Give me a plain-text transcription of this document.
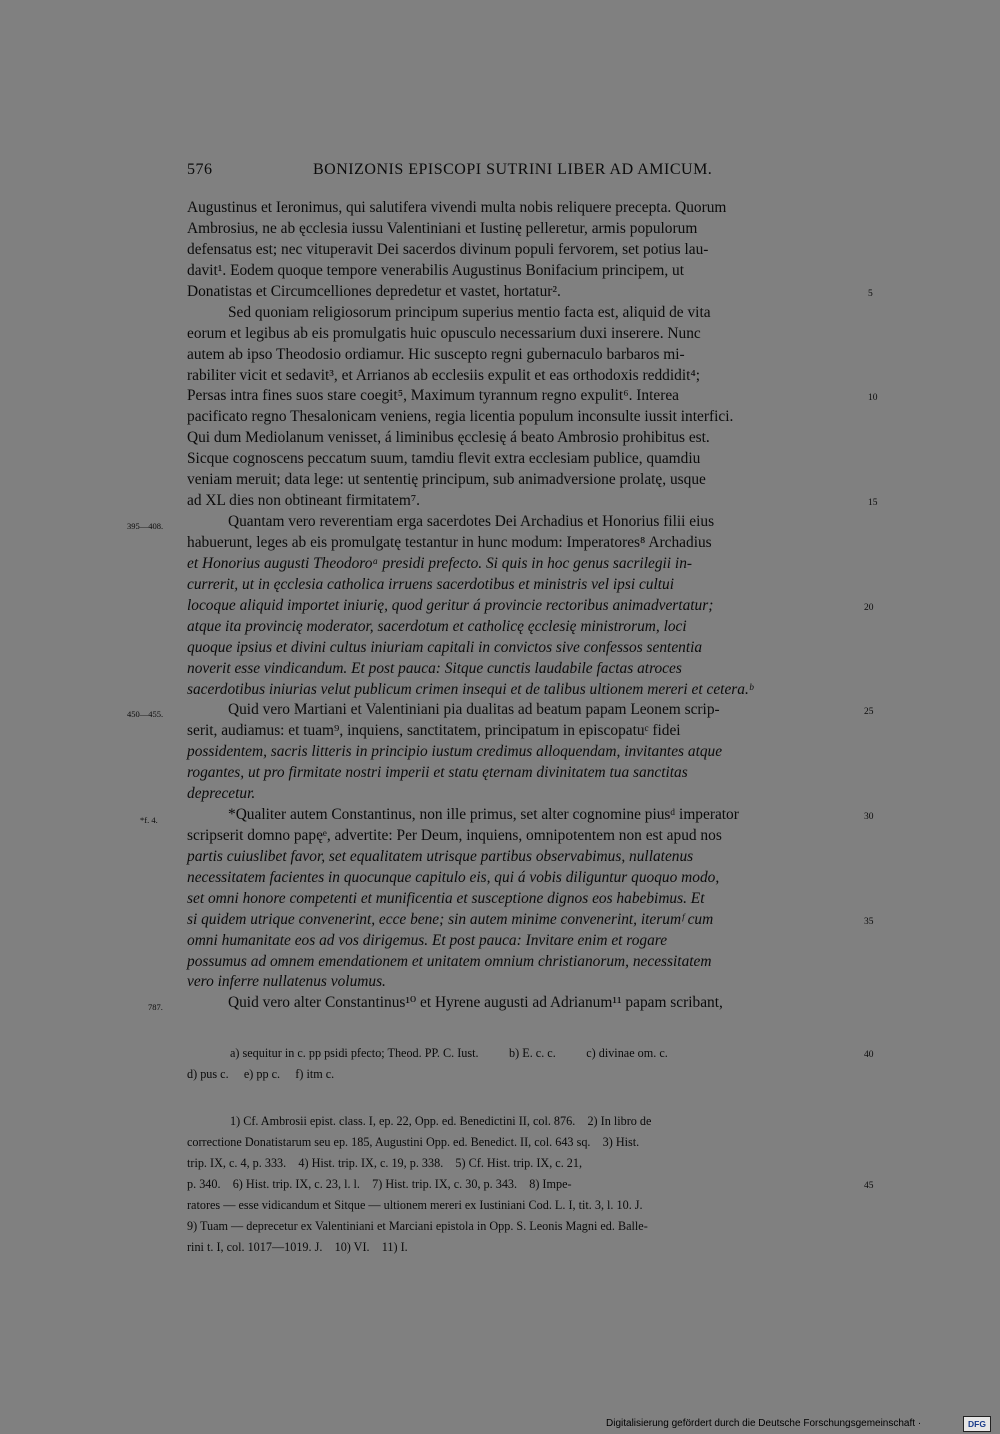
576	BONIZONIS EPISCOPI SUTRINI LIBER AD AMICUM.
Augustinus et Ieronimus, qui salutifera vivendi multa nobis reliquere precepta. Quorum
Ambrosius, ne ab ęcclesia iussu Valentiniani et Iustinę pelleretur, armis populorum
defensatus est; nec vituperavit Dei sacerdos divinum populi fervorem, set potius lau-
davit¹. Eodem quoque tempore venerabilis Augustinus Bonifacium principem, ut
Donatistas et Circumcelliones depredetur et vastet, hortatur².
Sed quoniam religiosorum principum superius mentio facta est, aliquid de vita
eorum et legibus ab eis promulgatis huic opusculo necessarium duxi inserere. Nunc
autem ab ipso Theodosio ordiamur. Hic suscepto regni gubernaculo barbaros mi-
rabiliter vicit et sedavit³, et Arrianos ab ecclesiis expulit et eas orthodoxis reddidit⁴;
Persas intra fines suos stare coegit⁵, Maximum tyrannum regno expulit⁶. Interea
pacificato regno Thesalonicam veniens, regia licentia populum inconsulte iussit interfici.
Qui dum Mediolanum venisset, á liminibus ęcclesię á beato Ambrosio prohibitus est.
Sicque cognoscens peccatum suum, tamdiu flevit extra ecclesiam publice, quamdiu
veniam meruit; data lege: ut sententię principum, sub animadversione prolatę, usque
ad XL dies non obtineant firmitatem⁷.
Quantam vero reverentiam erga sacerdotes Dei Archadius et Honorius filii eius
habuerunt, leges ab eis promulgatę testantur in hunc modum: Imperatores⁸ Archadius
et Honorius augusti Theodoroᵃ presidi prefecto. Si quis in hoc genus sacrilegii in-
currerit, ut in ęcclesia catholica irruens sacerdotibus et ministris vel ipsi cultui
locoque aliquid importet iniurię, quod geritur á provincie rectoribus animadvertatur;
atque ita provincię moderator, sacerdotum et catholicę ęcclesię ministrorum, loci
quoque ipsius et divini cultus iniuriam capitali in convictos sive confessos sententia
noverit esse vindicandum. Et post pauca: Sitque cunctis laudabile factas atroces
sacerdotibus iniurias velut publicum crimen insequi et de talibus ultionem mereri et cetera.ᵇ
Quid vero Martiani et Valentiniani pia dualitas ad beatum papam Leonem scrip-
serit, audiamus: et tuam⁹, inquiens, sanctitatem, principatum in episcopatuᶜ fidei
possidentem, sacris litteris in principio iustum credimus alloquendam, invitantes atque
rogantes, ut pro firmitate nostri imperii et statu ęternam divinitatem tua sanctitas
deprecetur.
*Qualiter autem Constantinus, non ille primus, set alter cognomine piusᵈ imperator
scripserit domno papęᵉ, advertite: Per Deum, inquiens, omnipotentem non est apud nos
partis cuiuslibet favor, set equalitatem utrisque partibus observabimus, nullatenus
necessitatem facientes in quocunque capitulo eis, qui á vobis diliguntur quoquo modo,
set omni honore competenti et munificentia et susceptione dignos eos habebimus. Et
si quidem utrique convenerint, ecce bene; sin autem minime convenerint, iterumᶠ cum
omni humanitate eos ad vos dirigemus. Et post pauca: Invitare enim et rogare
possumus ad omnem emendationem et unitatem omnium christianorum, necessitatem
vero inferre nullatenus volumus.
Quid vero alter Constantinus¹⁰ et Hyrene augusti ad Adrianum¹¹ papam scribant,
5
10
15
20
25
30
35
40
45
395—408.
450—455.
*f. 4.
787.
a) sequitur in c. pp psidi pfecto; Theod. PP. C. Iust.          b) E. c. c.          c) divinae om. c.
d) pus c.     e) pp c.     f) itm c.
1) Cf. Ambrosii epist. class. I, ep. 22, Opp. ed. Benedictini II, col. 876.    2) In libro de
correctione Donatistarum seu ep. 185, Augustini Opp. ed. Benedict. II, col. 643 sq.    3) Hist.
trip. IX, c. 4, p. 333.    4) Hist. trip. IX, c. 19, p. 338.    5) Cf. Hist. trip. IX, c. 21,
p. 340.    6) Hist. trip. IX, c. 23, l. l.    7) Hist. trip. IX, c. 30, p. 343.    8) Impe-
ratores — esse vidicandum et Sitque — ultionem mereri ex Iustiniani Cod. L. I, tit. 3, l. 10. J.
9) Tuam — deprecetur ex Valentiniani et Marciani epistola in Opp. S. Leonis Magni ed. Balle-
rini t. I, col. 1017—1019. J.    10) VI.    11) I.
Digitalisierung gefördert durch die Deutsche Forschungsgemeinschaft ·	DFG
